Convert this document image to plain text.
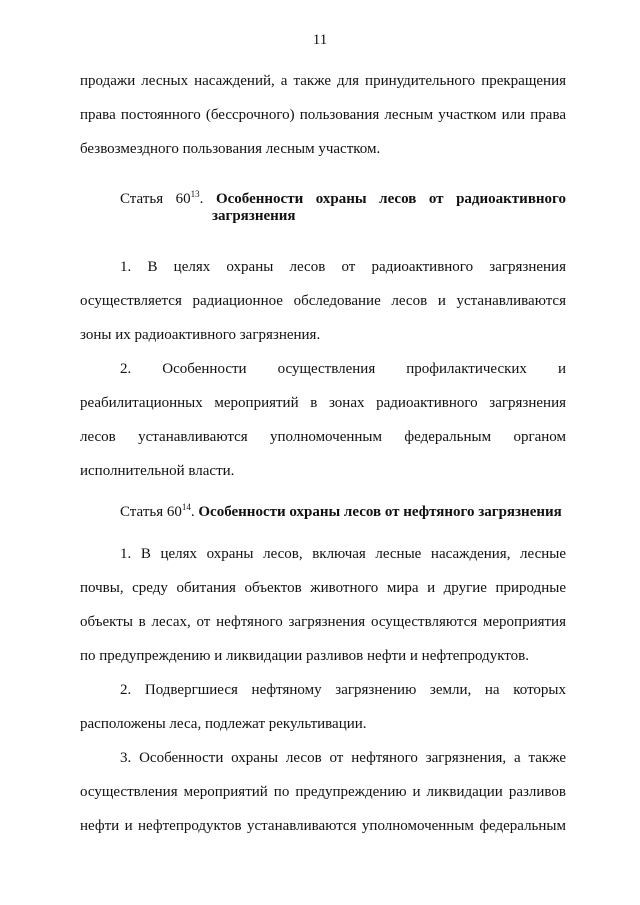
11

продажи лесных насаждений, а также для принудительного прекращения права постоянного (бессрочного) пользования лесным участком или права безвозмездного пользования лесным участком.

Статья $60^{13}$. Особенности охраны лесов от радиоактивного
загрязнения

1. В целях охраны лесов от радиоактивного загрязнения осуществляется радиационное обследование лесов и устанавливаются зоны их радиоактивного загрязнения.

2. Особенности осуществления профилактических и реабилитационных мероприятий в зонах радиоактивного загрязнения лесов устанавливаются уполномоченным федеральным органом исполнительной власти.

Статья $60^{14}$. Особенности охраны лесов от нефтяного загрязнения

1. В целях охраны лесов, включая лесные насаждения, лесные почвы, среду обитания объектов животного мира и другие природные объекты в лесах, от нефтяного загрязнения осуществляются мероприятия по предупреждению и ликвидации разливов нефти и нефтепродуктов.

2. Подвергшиеся нефтяному загрязнению земли, на которых расположены леса, подлежат рекультивации.

3. Особенности охраны лесов от нефтяного загрязнения, а также осуществления мероприятий по предупреждению и ликвидации разливов нефти и нефтепродуктов устанавливаются уполномоченным федеральным
